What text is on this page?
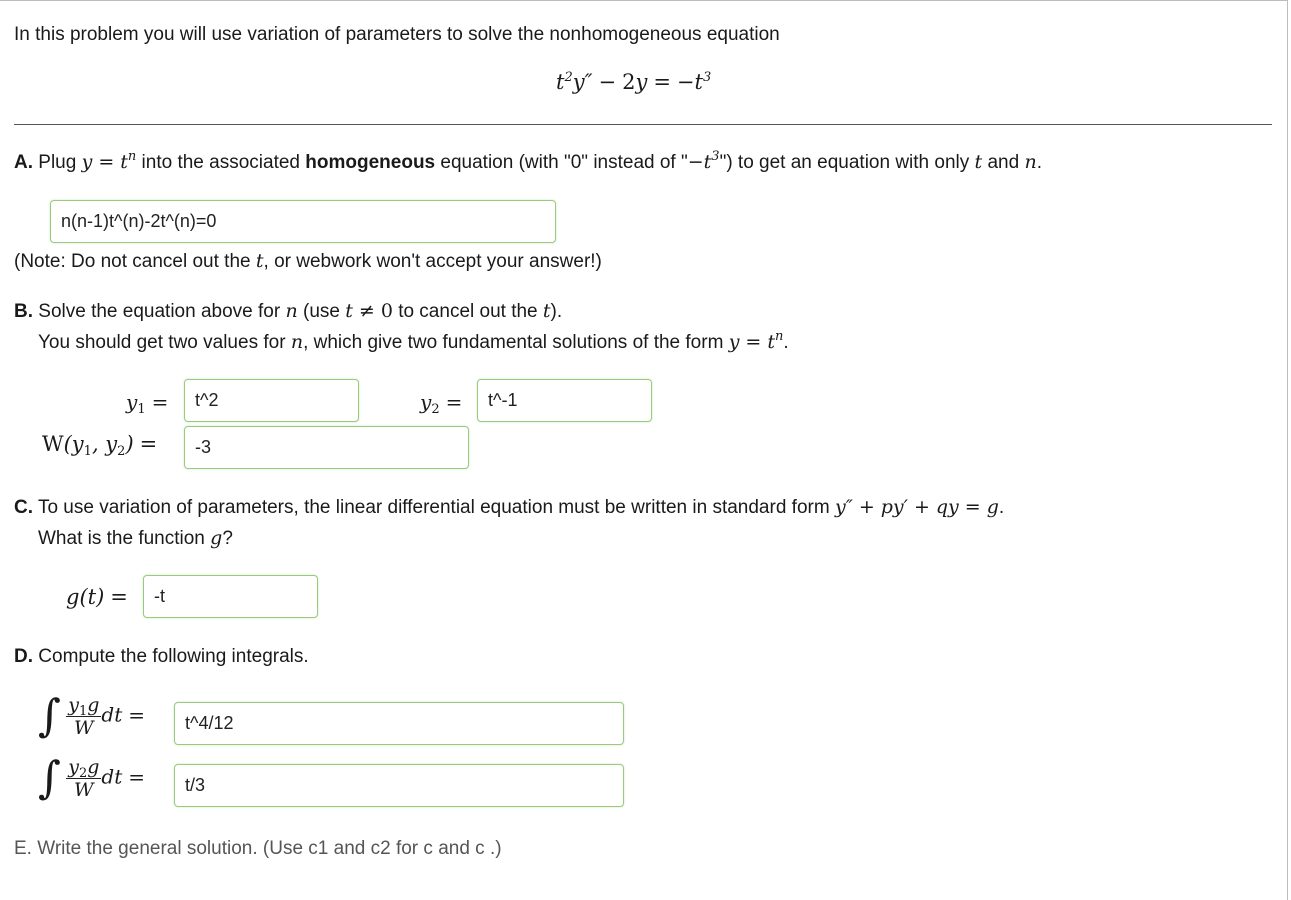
In this problem you will use variation of parameters to solve the nonhomogeneous equation
$t^2y'' - 2y = -t^3$
A. Plug $y = t^n$ into the associated homogeneous equation (with "0" instead of "$-t^3$") to get an equation with only t and n.
n(n-1)t^(n)-2t^(n)=0
(Note: Do not cancel out the t, or webwork won't accept your answer!)
B. Solve the equation above for n (use t ≠ 0 to cancel out the t).
You should get two values for n, which give two fundamental solutions of the form $y = t^n$.
$y_1$ =	t^2	$y_2$ =	t^-1
$W(y_1$, $y_2$) =	-3
C. To use variation of parameters, the linear differential equation must be written in standard form y″ + py′ + qy = g.
What is the function g?
g(t) =	-t
D. Compute the following integrals.
∫ $\frac{y_1g}{W}$ dt =	t^4/12
∫ $\frac{y_2g}{W}$ dt =	t/3
E. Write the general solution. (Use c1 and c2 for c and c .)
